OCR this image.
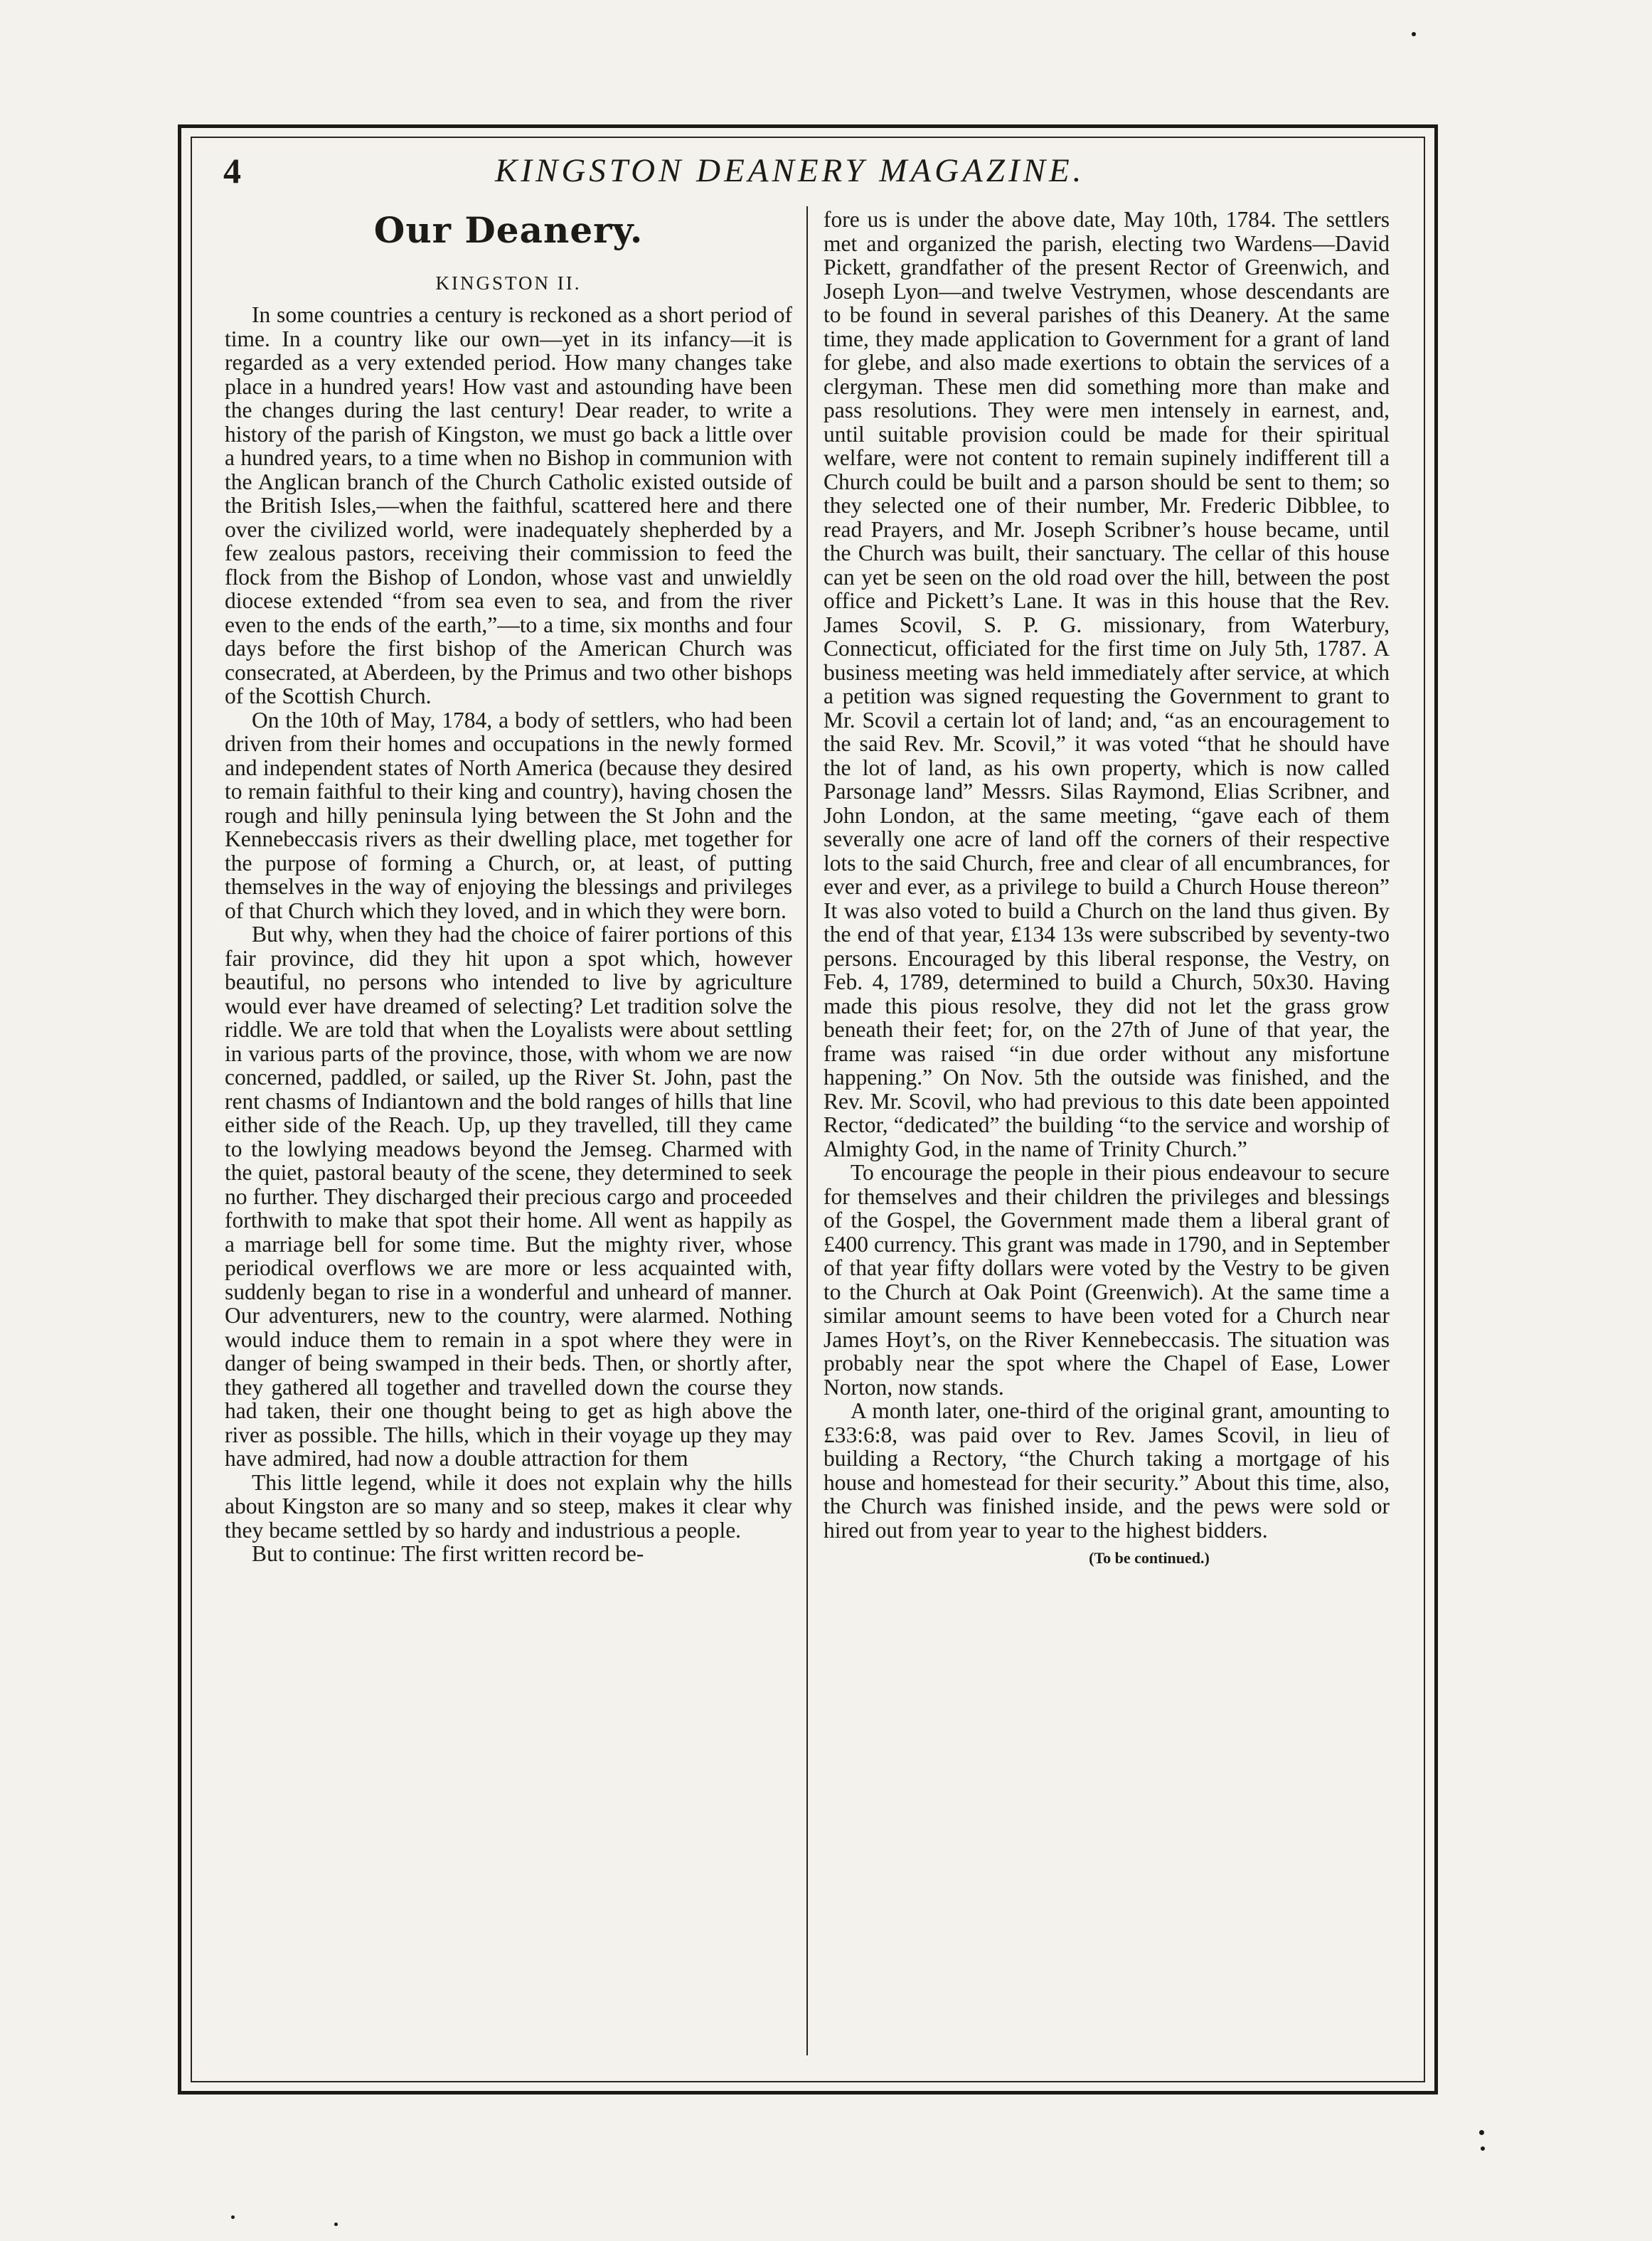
4	KINGSTON DEANERY MAGAZINE.
Our Deanery.
KINGSTON II.

In some countries a century is reckoned as a short period of time. In a country like our own—yet in its infancy—it is regarded as a very extended period. How many changes take place in a hundred years! How vast and astounding have been the changes during the last century! Dear reader, to write a history of the parish of Kingston, we must go back a little over a hundred years, to a time when no Bishop in communion with the Anglican branch of the Church Catholic existed outside of the British Isles,—when the faithful, scattered here and there over the civilized world, were inadequately shepherded by a few zealous pastors, receiving their commission to feed the flock from the Bishop of London, whose vast and unwieldly diocese extended “from sea even to sea, and from the river even to the ends of the earth,”—to a time, six months and four days before the first bishop of the American Church was consecrated, at Aberdeen, by the Primus and two other bishops of the Scottish Church.

On the 10th of May, 1784, a body of settlers, who had been driven from their homes and occupations in the newly formed and independent states of North America (because they desired to remain faithful to their king and country), having chosen the rough and hilly peninsula lying between the St John and the Kennebeccasis rivers as their dwelling place, met together for the purpose of forming a Church, or, at least, of putting themselves in the way of enjoying the blessings and privileges of that Church which they loved, and in which they were born.

But why, when they had the choice of fairer portions of this fair province, did they hit upon a spot which, however beautiful, no persons who intended to live by agriculture would ever have dreamed of selecting? Let tradition solve the riddle. We are told that when the Loyalists were about settling in various parts of the province, those, with whom we are now concerned, paddled, or sailed, up the River St. John, past the rent chasms of Indiantown and the bold ranges of hills that line either side of the Reach. Up, up they travelled, till they came to the lowlying meadows beyond the Jemseg. Charmed with the quiet, pastoral beauty of the scene, they determined to seek no further. They discharged their precious cargo and proceeded forthwith to make that spot their home. All went as happily as a marriage bell for some time. But the mighty river, whose periodical overflows we are more or less acquainted with, suddenly began to rise in a wonderful and unheard of manner. Our adventurers, new to the country, were alarmed. Nothing would induce them to remain in a spot where they were in danger of being swamped in their beds. Then, or shortly after, they gathered all together and travelled down the course they had taken, their one thought being to get as high above the river as possible. The hills, which in their voyage up they may have admired, had now a double attraction for them

This little legend, while it does not explain why the hills about Kingston are so many and so steep, makes it clear why they became settled by so hardy and industrious a people.

But to continue: The first written record be-

fore us is under the above date, May 10th, 1784. The settlers met and organized the parish, electing two Wardens—David Pickett, grandfather of the present Rector of Greenwich, and Joseph Lyon—and twelve Vestrymen, whose descendants are to be found in several parishes of this Deanery. At the same time, they made application to Government for a grant of land for glebe, and also made exertions to obtain the services of a clergyman. These men did something more than make and pass resolutions. They were men intensely in earnest, and, until suitable provision could be made for their spiritual welfare, were not content to remain supinely indifferent till a Church could be built and a parson should be sent to them; so they selected one of their number, Mr. Frederic Dibblee, to read Prayers, and Mr. Joseph Scribner’s house became, until the Church was built, their sanctuary. The cellar of this house can yet be seen on the old road over the hill, between the post office and Pickett’s Lane. It was in this house that the Rev. James Scovil, S. P. G. missionary, from Waterbury, Connecticut, officiated for the first time on July 5th, 1787. A business meeting was held immediately after service, at which a petition was signed requesting the Government to grant to Mr. Scovil a certain lot of land; and, “as an encouragement to the said Rev. Mr. Scovil,” it was voted “that he should have the lot of land, as his own property, which is now called Parsonage land” Messrs. Silas Raymond, Elias Scribner, and John London, at the same meeting, “gave each of them severally one acre of land off the corners of their respective lots to the said Church, free and clear of all encumbrances, for ever and ever, as a privilege to build a Church House thereon” It was also voted to build a Church on the land thus given. By the end of that year, £134 13s were subscribed by seventy-two persons. Encouraged by this liberal response, the Vestry, on Feb. 4, 1789, determined to build a Church, 50x30. Having made this pious resolve, they did not let the grass grow beneath their feet; for, on the 27th of June of that year, the frame was raised “in due order without any misfortune happening.” On Nov. 5th the outside was finished, and the Rev. Mr. Scovil, who had previous to this date been appointed Rector, “dedicated” the building “to the service and worship of Almighty God, in the name of Trinity Church.”

To encourage the people in their pious endeavour to secure for themselves and their children the privileges and blessings of the Gospel, the Government made them a liberal grant of £400 currency. This grant was made in 1790, and in September of that year fifty dollars were voted by the Vestry to be given to the Church at Oak Point (Greenwich). At the same time a similar amount seems to have been voted for a Church near James Hoyt’s, on the River Kennebeccasis. The situation was probably near the spot where the Chapel of Ease, Lower Norton, now stands.

A month later, one-third of the original grant, amounting to £33:6:8, was paid over to Rev. James Scovil, in lieu of building a Rectory, “the Church taking a mortgage of his house and homestead for their security.” About this time, also, the Church was finished inside, and the pews were sold or hired out from year to year to the highest bidders.

(To be continued.)
